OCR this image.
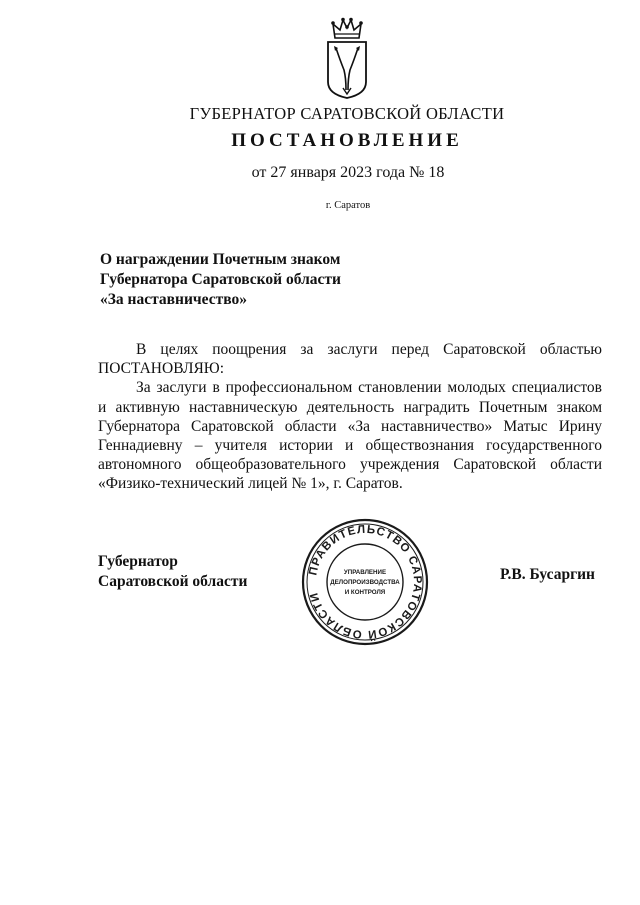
ГУБЕРНАТОР САРАТОВСКОЙ ОБЛАСТИ
ПОСТАНОВЛЕНИЕ
от 27 января 2023 года № 18
г. Саратов
О награждении Почетным знаком
Губернатора Саратовской области
«За наставничество»
В целях поощрения за заслуги перед Саратовской областью
ПОСТАНОВЛЯЮ:
За заслуги в профессиональном становлении молодых специалистов
и активную наставническую деятельность наградить Почетным знаком
Губернатора Саратовской области «За наставничество» Матыс Ирину
Геннадиевну – учителя истории и обществознания государственного
автономного общеобразовательного учреждения Саратовской области
«Физико-технический лицей № 1», г. Саратов.
Губернатор
Саратовской области
ПРАВИТЕЛЬСТВО САРАТОВСКОЙ ОБЛАСТИ
УПРАВЛЕНИЕ
ДЕЛОПРОИЗВОДСТВА
И КОНТРОЛЯ
Р.В. Бусаргин
